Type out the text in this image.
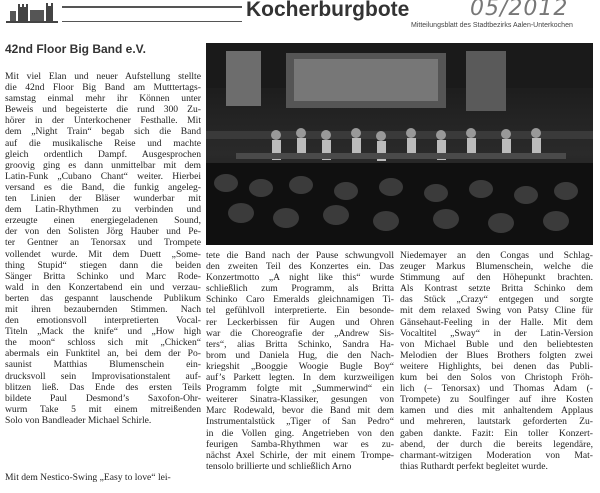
Kocherburgbote
Mitteilungsblatt des Stadtbezirks Aalen-Unterkochen
05/2012
42nd Floor Big Band e.V.
Mit viel Elan und neuer Aufstellung stellte
die 42nd Floor Big Band am Mutttertags-
samstag einmal mehr ihr Können unter
Beweis und begeisterte die rund 300 Zu-
hörer in der Unterkochener Festhalle. Mit
dem „Night Train“ begab sich die Band
auf die musikalische Reise und machte
gleich ordentlich Dampf. Ausgesprochen
groovig ging es dann unmittelbar mit dem
Latin-Funk „Cubano Chant“ weiter. Hierbei
versand es die Band, die funkig angeleg-
ten Linien der Bläser wunderbar mit
dem Latin-Rhythmen zu verbinden und
erzeugte einen energiegeladenen Sound,
der von den Solisten Jörg Hauber und Pe-
ter Gentner an Tenorsax und Trompete
vollendet wurde. Mit dem Duett „Some-
thing Stupid“ stiegen dann die beiden
Sänger Britta Schinko und Marc Rode-
wald in den Konzertabend ein und verzau-
berten das gespannt lauschende Publikum
mit ihren bezaubernden Stimmen. Nach
den emotionsvoll interpretierten Vocal-
Titeln „Mack the knife“ und „How high
the moon“ schloss sich mit „Chicken“
abermals ein Funktitel an, bei dem der Po-
saunist Matthias Blumenschein ein-
drucksvoll sein Improvisationstalent auf-
blitzen ließ. Das Ende des ersten Teils
bildete Paul Desmond’s Saxofon-Ohr-
wurm Take 5 mit einem mitreißenden
Solo von Bandleader Michael Schirle.
Mit dem Nestico-Swing „Easy to love“ lei-
tete die Band nach der Pause schwungvoll
den zweiten Teil des Konzertes ein. Das
Konzertmotto „A night like this“ wurde
schließlich zum Programm, als Britta
Schinko Caro Emeralds gleichnamigen Ti-
tel gefühlvoll interpretierte. Ein besonde-
rer Leckerbissen für Augen und Ohren
war die Choreografie der „Andrew Sis-
ters“, alias Britta Schinko, Sandra Ha-
brom und Daniela Hug, die den Nach-
kriegshit „Booggie Woogie Bugle Boy“
auf’s Parkett legten. In dem kurzweiligen
Programm folgte mit „Summerwind“ ein
weiterer Sinatra-Klassiker, gesungen von
Marc Rodewald, bevor die Band mit dem
Instrumentalstück „Tiger of San Pedro“
in die Vollen ging. Angetrieben von den
feurigen Samba-Rhythmen war es zu-
nächst Axel Schirle, der mit einem Trompe-
tensolo brillierte und schließlich Arno
Niedemayer an den Congas und Schlag-
zeuger Markus Blumenschein, welche die
Stimmung auf den Höhepunkt brachten.
Als Kontrast setzte Britta Schinko dem
das Stück „Crazy“ entgegen und sorgte
mit dem relaxed Swing von Patsy Cline für
Gänsehaut-Feeling in der Halle. Mit dem
Vocaltitel „Sway“ in der Latin-Version
von Michael Buble und den beliebtesten
Melodien der Blues Brothers folgten zwei
weitere Highlights, bei denen das Publi-
kum bei den Solos von Christoph Fröh-
lich (– Tenorsax) und Thomas Adam (-
Trompete) zu Soulfinger auf ihre Kosten
kamen und dies mit anhaltendem Applaus
und mehreren, lautstark geforderten Zu-
gaben dankte. Fazit: Ein toller Konzert-
abend, der durch die bereits legendäre,
charmant-witzigen Moderation von Mat-
thias Ruthardt perfekt begleitet wurde.
